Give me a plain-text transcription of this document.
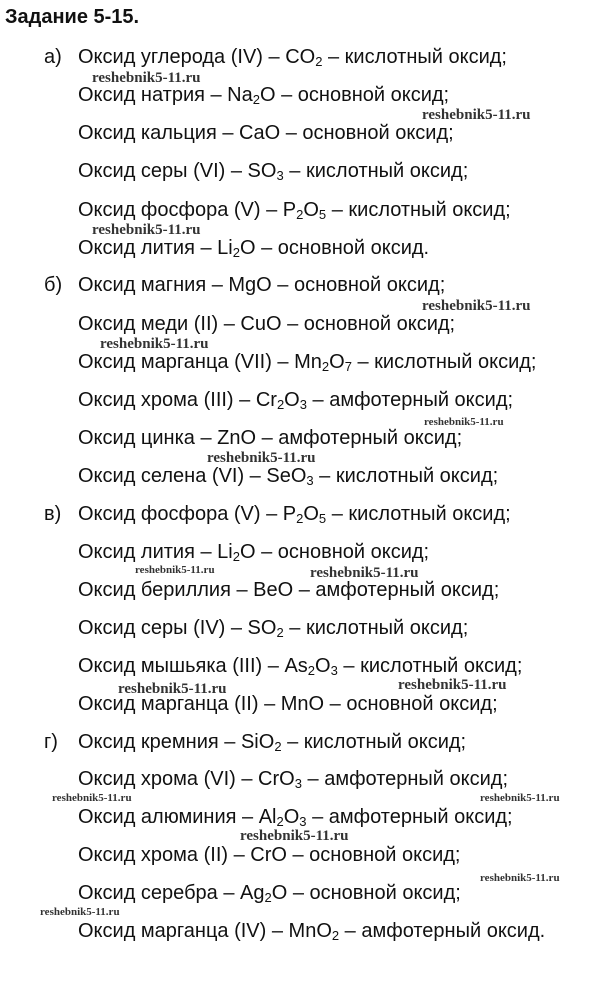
Задание 5-15.
а) Оксид углерода $(IV) - CO_2$ – кислотный оксид;
Оксид натрия – $Na_2O$ – основной оксид;
Оксид кальция – CaO – основной оксид;
Оксид серы $(VI) - SO_3$ – кислотный оксид;
Оксид фосфора $(V) - P_2O_5$ – кислотный оксид;
Оксид лития – $Li_2O$ – основной оксид.
б) Оксид магния – MgO – основной оксид;
Оксид меди (II) – CuO – основной оксид;
Оксид марганца $(VII) - Mn_2O_7$ – кислотный оксид;
Оксид хрома $(III) - Cr_2O_3$ – амфотерный оксид;
Оксид цинка – ZnO – амфотерный оксид;
Оксид селена (VI) – SeO$_3$ – кислотный оксид;
в) Оксид фосфора $(V) - P_2O_5$ – кислотный оксид;
Оксид лития – $Li_2O$ – основной оксид;
Оксид бериллия – BeO – амфотерный оксид;
Оксид серы $(IV) - SO_2$ – кислотный оксид;
Оксид мышьяка $(III) - As_2O_3$ – кислотный оксид;
Оксид марганца (II) – MnO – основной оксид;
г) Оксид кремния – SiO$_2$ – кислотный оксид;
Оксид хрома (VI) – CrO$_3$ – амфотерный оксид;
Оксид алюминия – $Al_2O_3$ – амфотерный оксид;
Оксид хрома (II) – CrO – основной оксид;
Оксид серебра – $Ag_2O$ – основной оксид;
Оксид марганца (IV) – MnO$_2$ – амфотерный оксид.
reshebnik5-11.ru
reshebnik5-11.ru
reshebnik5-11.ru
reshebnik5-11.ru
reshebnik5-11.ru
reshebnik5-11.ru
reshebnik5-11.ru
reshebnik5-11.ru	reshebnik5-11.ru
reshebnik5-11.ru	reshebnik5-11.ru
reshebnik5-11.ru	reshebnik5-11.ru
reshebnik5-11.ru
reshebnik5-11.ru
reshebnik5-11.ru
